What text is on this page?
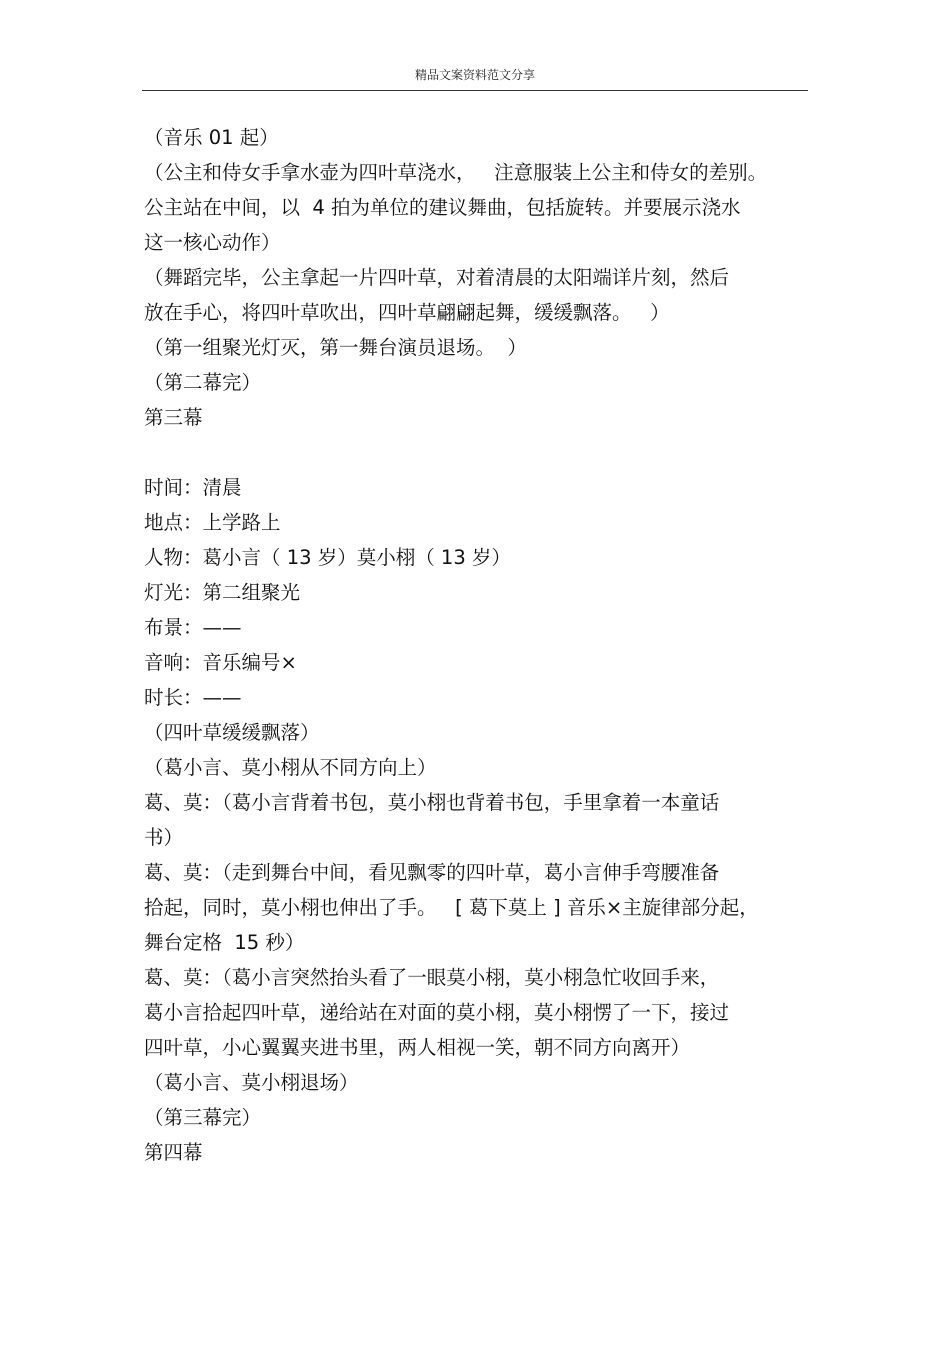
精品文案资料范文分享
（音乐 01 起）
（公主和侍女手拿水壶为四叶草浇水，   注意服装上公主和侍女的差别。
公主站在中间，以  4 拍为单位的建议舞曲，包括旋转。并要展示浇水
这一核心动作）
（舞蹈完毕，公主拿起一片四叶草，对着清晨的太阳端详片刻，然后
放在手心，将四叶草吹出，四叶草翩翩起舞，缓缓飘落。   ）
（第一组聚光灯灭，第一舞台演员退场。  ）
（第二幕完）
第三幕
时间：清晨
地点：上学路上
人物：葛小言（ 13 岁）莫小栩（ 13 岁）
灯光：第二组聚光
布景：——
音响：音乐编号×
时长：——
（四叶草缓缓飘落）
（葛小言、莫小栩从不同方向上）
葛、莫：（葛小言背着书包，莫小栩也背着书包，手里拿着一本童话
书）
葛、莫：（走到舞台中间，看见飘零的四叶草，葛小言伸手弯腰准备
拾起，同时，莫小栩也伸出了手。   [ 葛下莫上 ] 音乐×主旋律部分起，
舞台定格  15 秒）
葛、莫：（葛小言突然抬头看了一眼莫小栩，莫小栩急忙收回手来，
葛小言拾起四叶草，递给站在对面的莫小栩，莫小栩愣了一下，接过
四叶草，小心翼翼夹进书里，两人相视一笑，朝不同方向离开）
（葛小言、莫小栩退场）
（第三幕完）
第四幕
